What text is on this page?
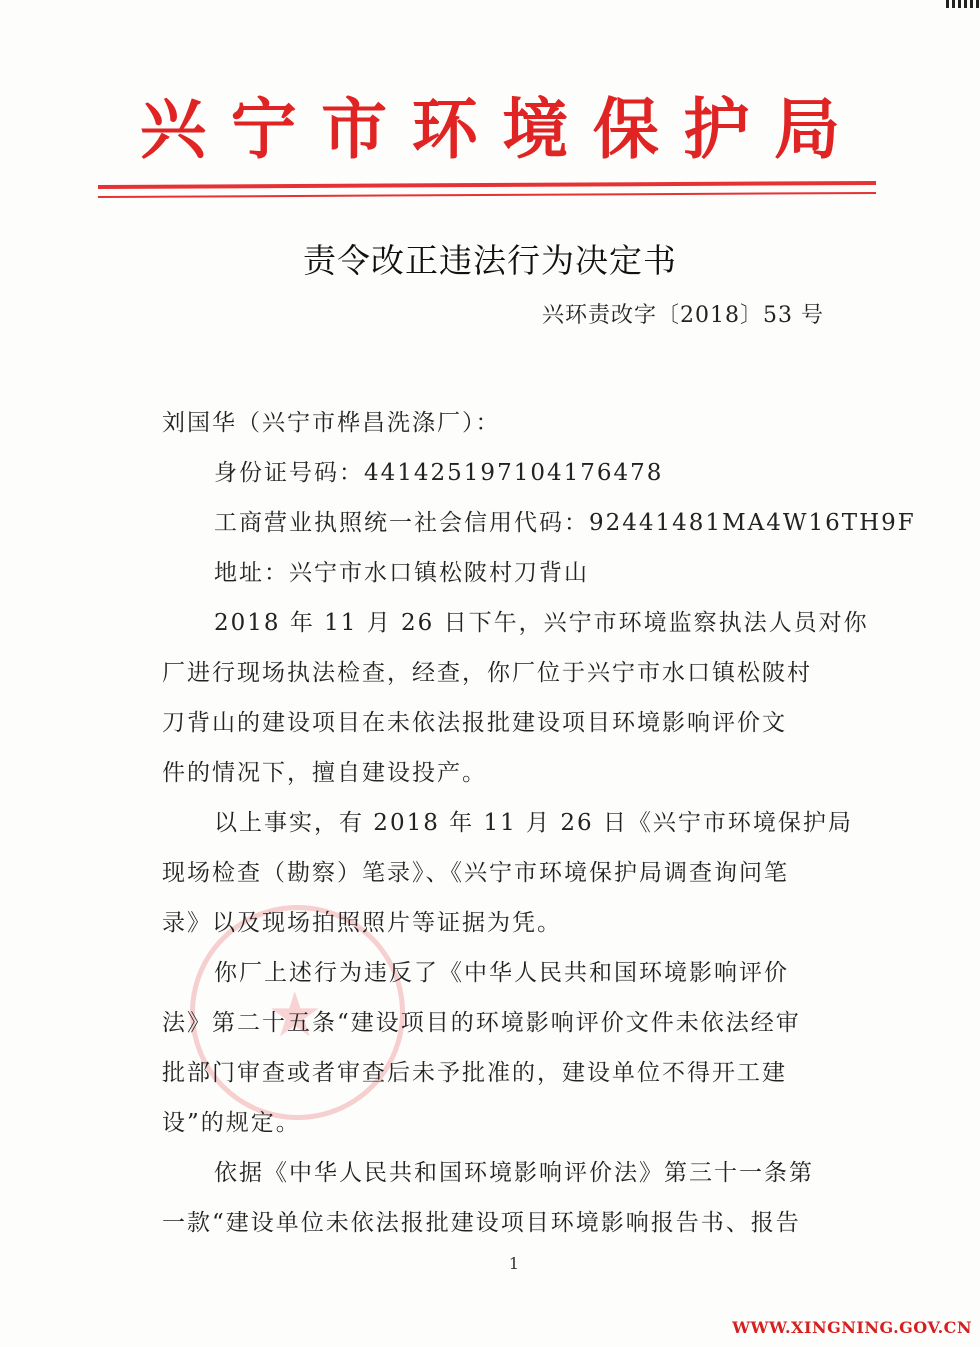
兴 宁 市 环 境 保 护 局
责令改正违法行为决定书
兴环责改字〔2018〕53 号
★
刘国华（兴宁市桦昌洗涤厂）：
身份证号码：441425197104176478
工商营业执照统一社会信用代码：92441481MA4W16TH9F
地址：兴宁市水口镇松陂村刀背山
2018 年 11 月 26 日下午，兴宁市环境监察执法人员对你
厂进行现场执法检查，经查，你厂位于兴宁市水口镇松陂村
刀背山的建设项目在未依法报批建设项目环境影响评价文
件的情况下，擅自建设投产。
以上事实，有 2018 年 11 月 26 日《兴宁市环境保护局
现场检查（勘察）笔录》、《兴宁市环境保护局调查询问笔
录》以及现场拍照照片等证据为凭。
你厂上述行为违反了《中华人民共和国环境影响评价
法》第二十五条“建设项目的环境影响评价文件未依法经审
批部门审查或者审查后未予批准的，建设单位不得开工建
设”的规定。
依据《中华人民共和国环境影响评价法》第三十一条第
一款“建设单位未依法报批建设项目环境影响报告书、报告
1
WWW.XINGNING.GOV.CN
